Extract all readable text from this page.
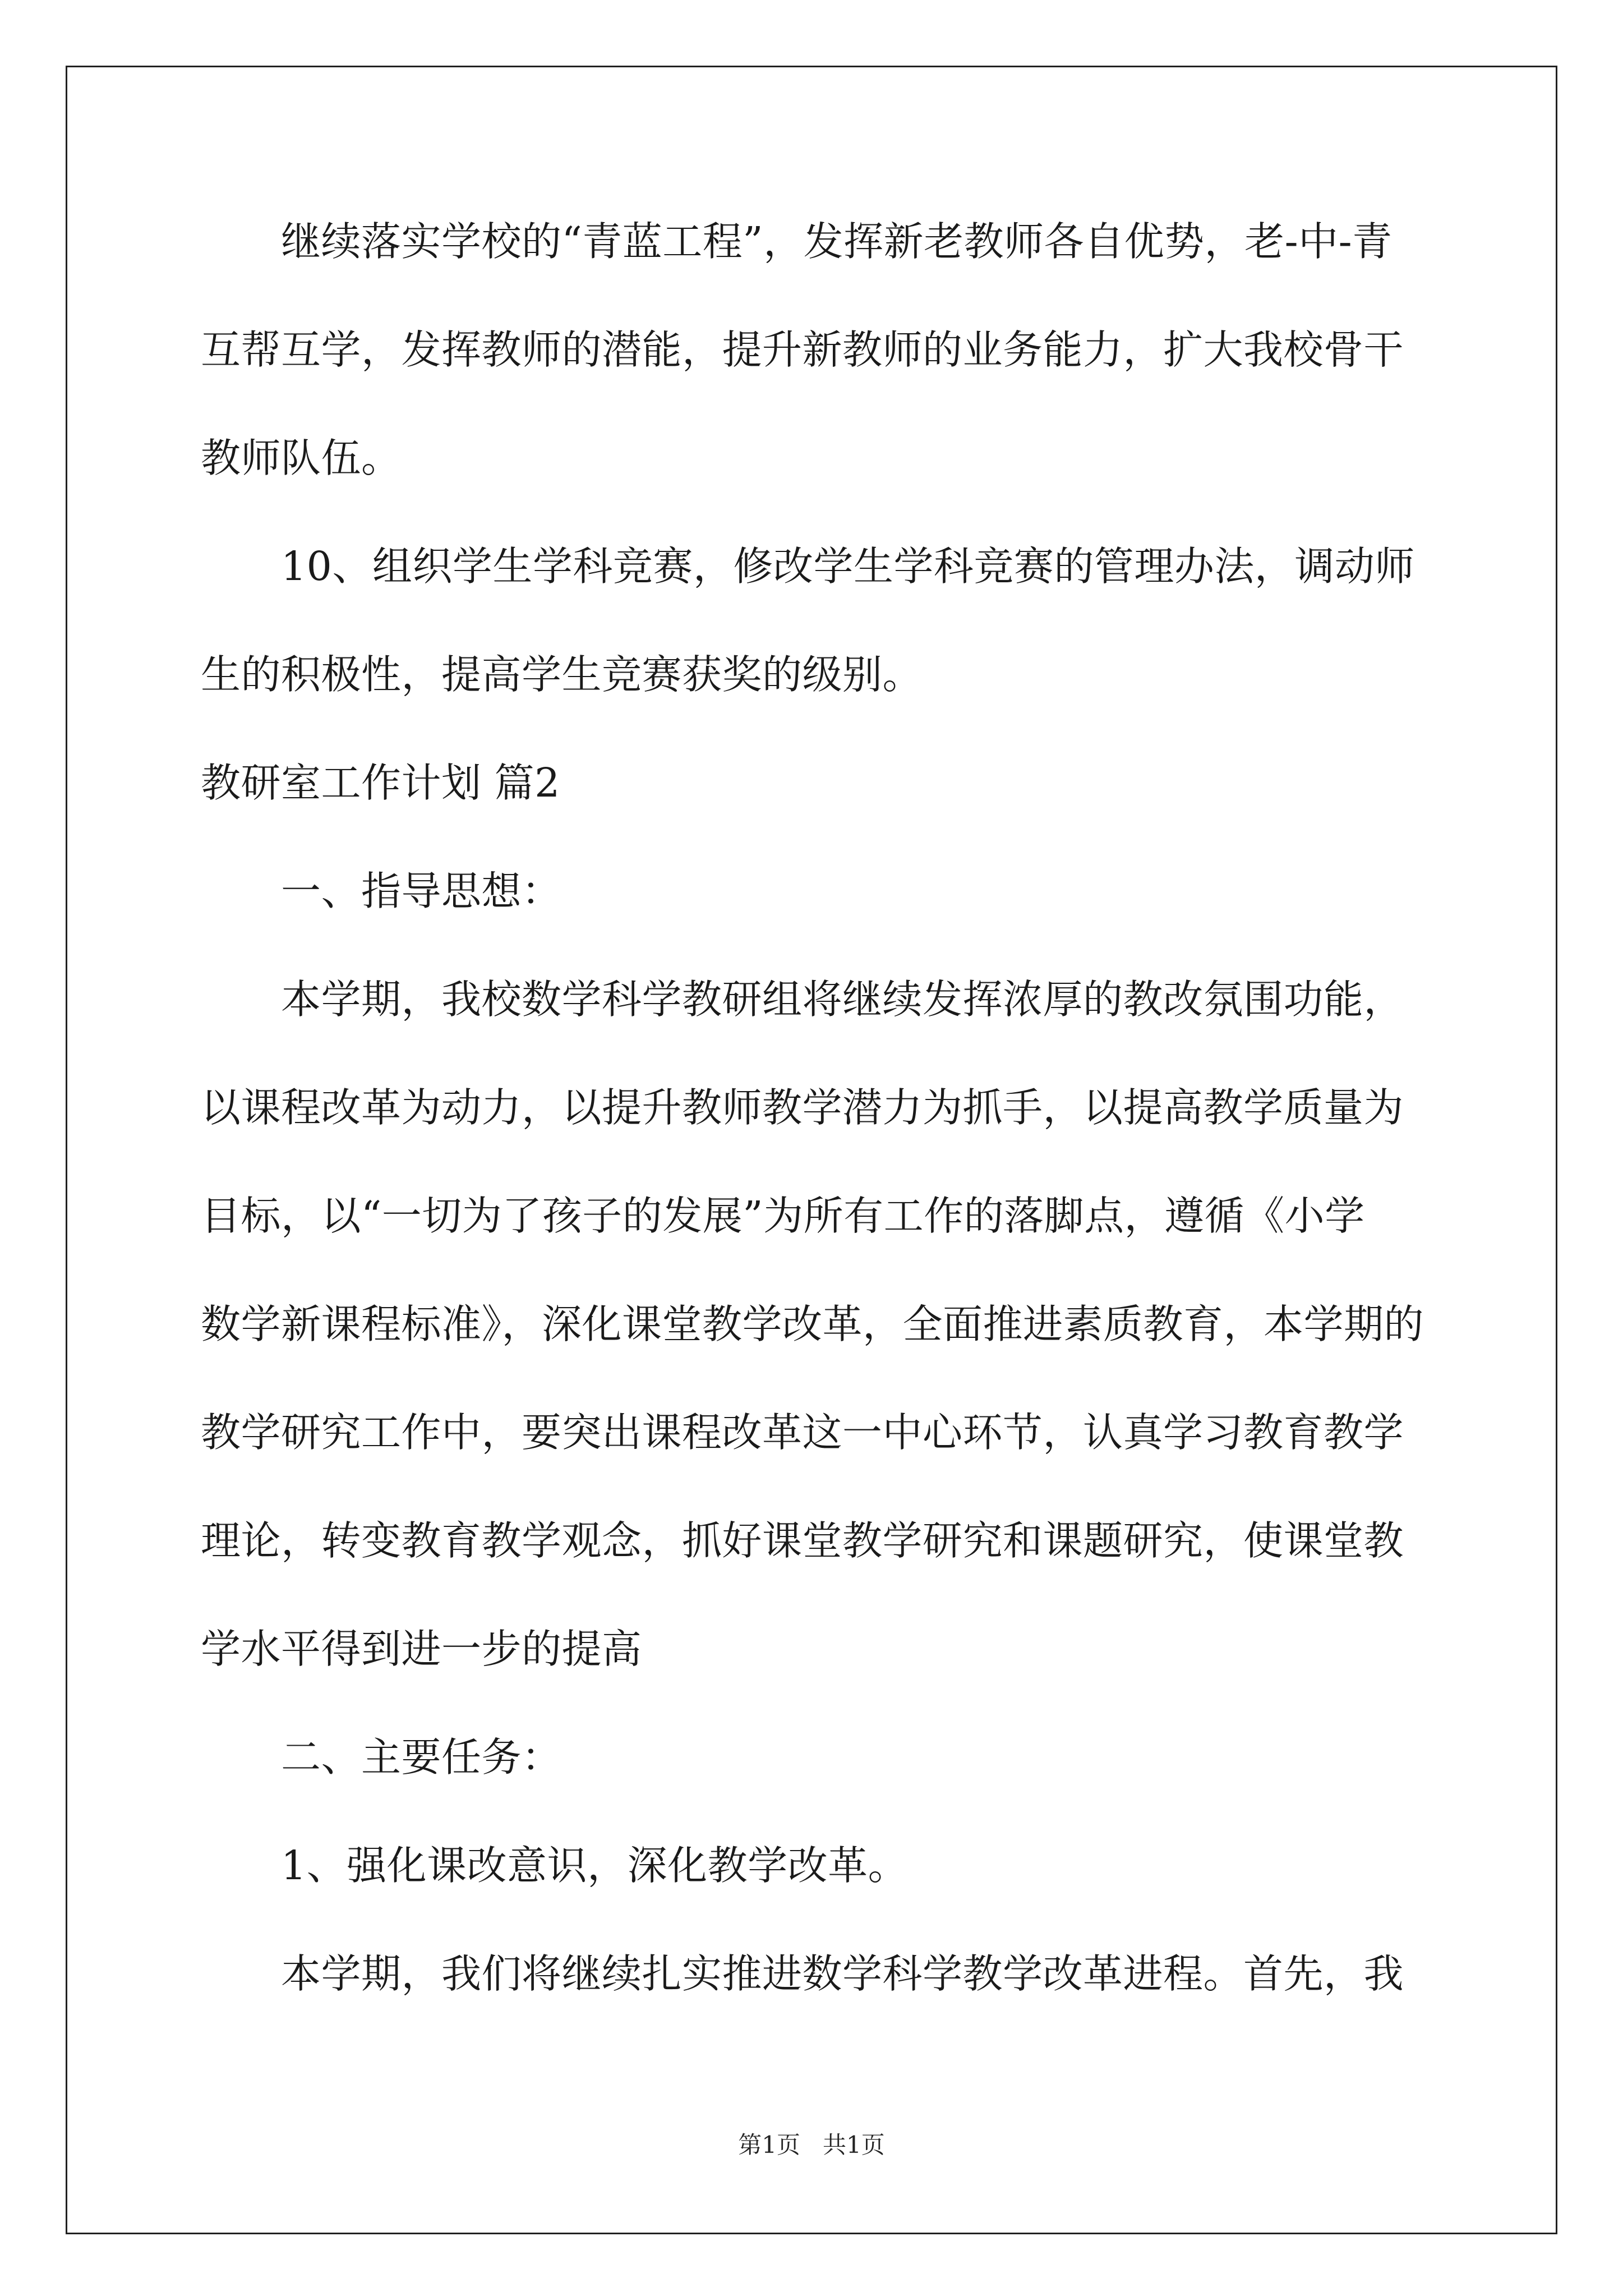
继续落实学校的“青蓝工程”，发挥新老教师各自优势，老-中-青
互帮互学，发挥教师的潜能，提升新教师的业务能力，扩大我校骨干
教师队伍。
10、组织学生学科竞赛，修改学生学科竞赛的管理办法，调动师
生的积极性，提高学生竞赛获奖的级别。
教研室工作计划 篇2
一、指导思想：
本学期，我校数学科学教研组将继续发挥浓厚的教改氛围功能，
以课程改革为动力，以提升教师教学潜力为抓手，以提高教学质量为
目标，以“一切为了孩子的发展”为所有工作的落脚点，遵循《小学
数学新课程标准》，深化课堂教学改革，全面推进素质教育，本学期的
教学研究工作中，要突出课程改革这一中心环节，认真学习教育教学
理论，转变教育教学观念，抓好课堂教学研究和课题研究，使课堂教
学水平得到进一步的提高
二、主要任务：
1、强化课改意识，深化教学改革。
本学期，我们将继续扎实推进数学科学教学改革进程。首先，我
第1页   共1页
